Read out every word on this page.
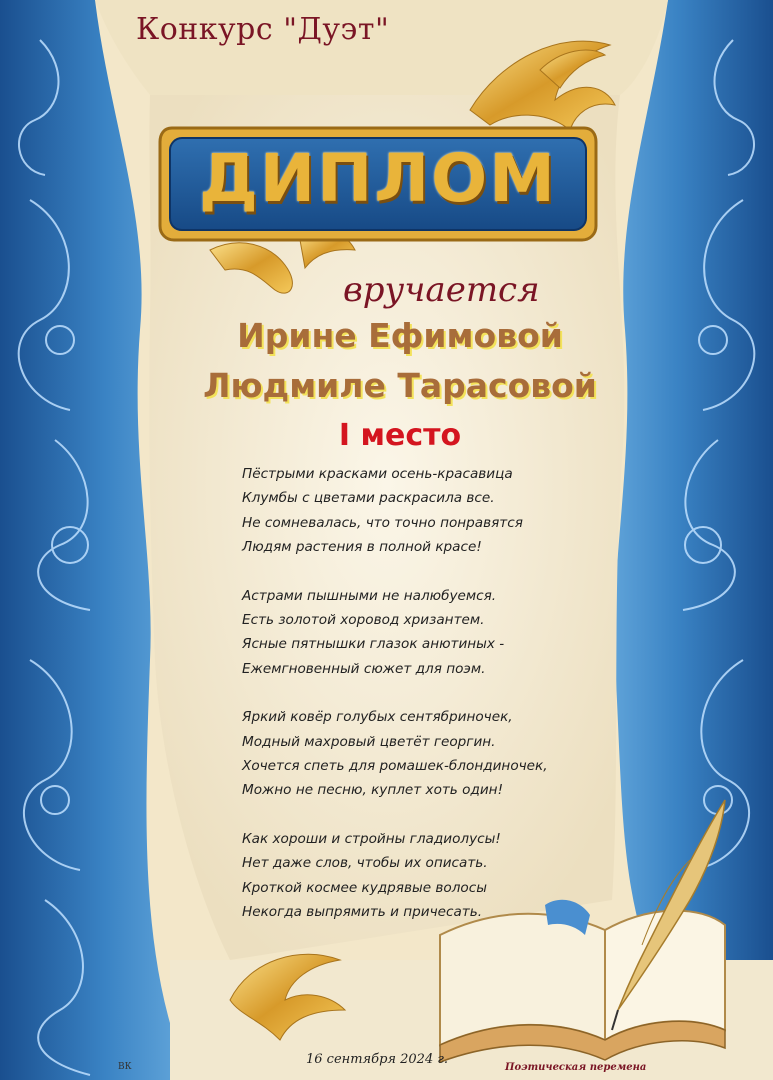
Конкурс "Дуэт"
ДИПЛОМ
вручается
Ирине Ефимовой
Людмиле Тарасовой
I место
Пёстрыми красками осень-красавица
Клумбы с цветами раскрасила все.
Не сомневалась, что точно понравятся
Людям растения в полной красе!
Астрами пышными не налюбуемся.
Есть золотой хоровод хризантем.
Ясные пятнышки глазок анютиных -
Ежемгновенный сюжет для поэм.
Яркий ковёр голубых сентябриночек,
Модный махровый цветёт георгин.
Хочется спеть для ромашек-блондиночек,
Можно не песню, куплет хоть один!
Как хороши и стройны гладиолусы!
Нет даже слов, чтобы их описать.
Кроткой космее кудрявые волосы
Некогда выпрямить и причесать.
ВК	16 сентября 2024 г.
Поэтическая перемена
